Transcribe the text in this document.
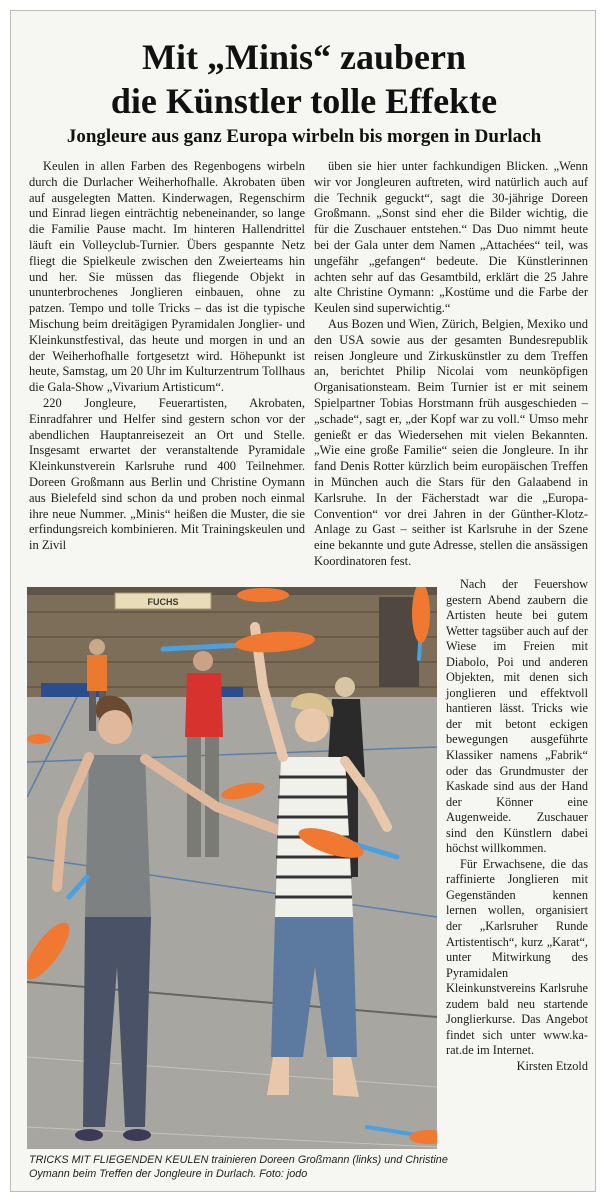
Mit „Minis“ zaubern
die Künstler tolle Effekte
Jongleure aus ganz Europa wirbeln bis morgen in Durlach

Keulen in allen Farben des Regenbogens wirbeln durch die Durlacher Weiherhofhalle. Akrobaten üben auf ausgelegten Matten. Kinderwagen, Regenschirm und Einrad liegen einträchtig nebeneinander, so lange die Familie Pause macht. Im hinteren Hallendrittel läuft ein Volleyclub-Turnier. Übers gespannte Netz fliegt die Spielkeule zwischen den Zweierteams hin und her. Sie müssen das fliegende Objekt in ununterbrochenes Jonglieren einbauen, ohne zu patzen. Tempo und tolle Tricks – das ist die typische Mischung beim dreitägigen Pyramidalen Jonglier- und Kleinkunstfestival, das heute und morgen in und an der Weiherhofhalle fortgesetzt wird. Höhepunkt ist heute, Samstag, um 20 Uhr im Kulturzentrum Tollhaus die Gala-Show „Vivarium Artisticum“.

220 Jongleure, Feuerartisten, Akrobaten, Einradfahrer und Helfer sind gestern schon vor der abendlichen Hauptanreisezeit an Ort und Stelle. Insgesamt erwartet der veranstaltende Pyramidale Kleinkunstverein Karlsruhe rund 400 Teilnehmer. Doreen Großmann aus Berlin und Christine Oymann aus Bielefeld sind schon da und proben noch einmal ihre neue Nummer. „Minis“ heißen die Muster, die sie erfindungsreich kombinieren. Mit Trainingskeulen und in Zivil

üben sie hier unter fachkundigen Blicken. „Wenn wir vor Jongleuren auftreten, wird natürlich auch auf die Technik geguckt“, sagt die 30-jährige Doreen Großmann. „Sonst sind eher die Bilder wichtig, die für die Zuschauer entstehen.“ Das Duo nimmt heute bei der Gala unter dem Namen „Attachées“ teil, was ungefähr „gefangen“ bedeute. Die Künstlerinnen achten sehr auf das Gesamtbild, erklärt die 25 Jahre alte Christine Oymann: „Kostüme und die Farbe der Keulen sind superwichtig.“

Aus Bozen und Wien, Zürich, Belgien, Mexiko und den USA sowie aus der gesamten Bundesrepublik reisen Jongleure und Zirkuskünstler zu dem Treffen an, berichtet Philip Nicolai vom neunköpfigen Organisationsteam. Beim Turnier ist er mit seinem Spielpartner Tobias Horstmann früh ausgeschieden – „schade“, sagt er, „der Kopf war zu voll.“ Umso mehr genießt er das Wiedersehen mit vielen Bekannten. „Wie eine große Familie“ seien die Jongleure. In ihr fand Denis Rotter kürzlich beim europäischen Treffen in München auch die Stars für den Galaabend in Karlsruhe. In der Fächerstadt war die „Europa-Convention“ vor drei Jahren in der Günther-Klotz-Anlage zu Gast – seither ist Karlsruhe in der Szene eine bekannte und gute Adresse, stellen die ansässigen Koordinatoren fest.

Nach der Feuershow gestern Abend zaubern die Artisten heute bei gutem Wetter tagsüber auch auf der Wiese im Freien mit Diabolo, Poi und anderen Objekten, mit denen sich jonglieren und effektvoll hantieren lässt. Tricks wie der mit betont eckigen bewegungen ausgeführte Klassiker namens „Fabrik“ oder das Grundmuster der Kaskade sind aus der Hand der Könner eine Augenweide. Zuschauer sind den Künstlern dabei höchst willkommen.

Für Erwachsene, die das raffinierte Jonglieren mit Gegenständen kennen lernen wollen, organisiert der „Karlsruher Runde Artistentisch“, kurz „Karat“, unter Mitwirkung des Pyramidalen Kleinkunstvereins Karlsruhe zudem bald neu startende Jonglierkurse. Das Angebot findet sich unter www.ka-rat.de im Internet.

Kirsten Etzold

FUCHS
TRICKS MIT FLIEGENDEN KEULEN trainieren Doreen Großmann (links) und Christine Oymann beim Treffen der Jongleure in Durlach. Foto: jodo
